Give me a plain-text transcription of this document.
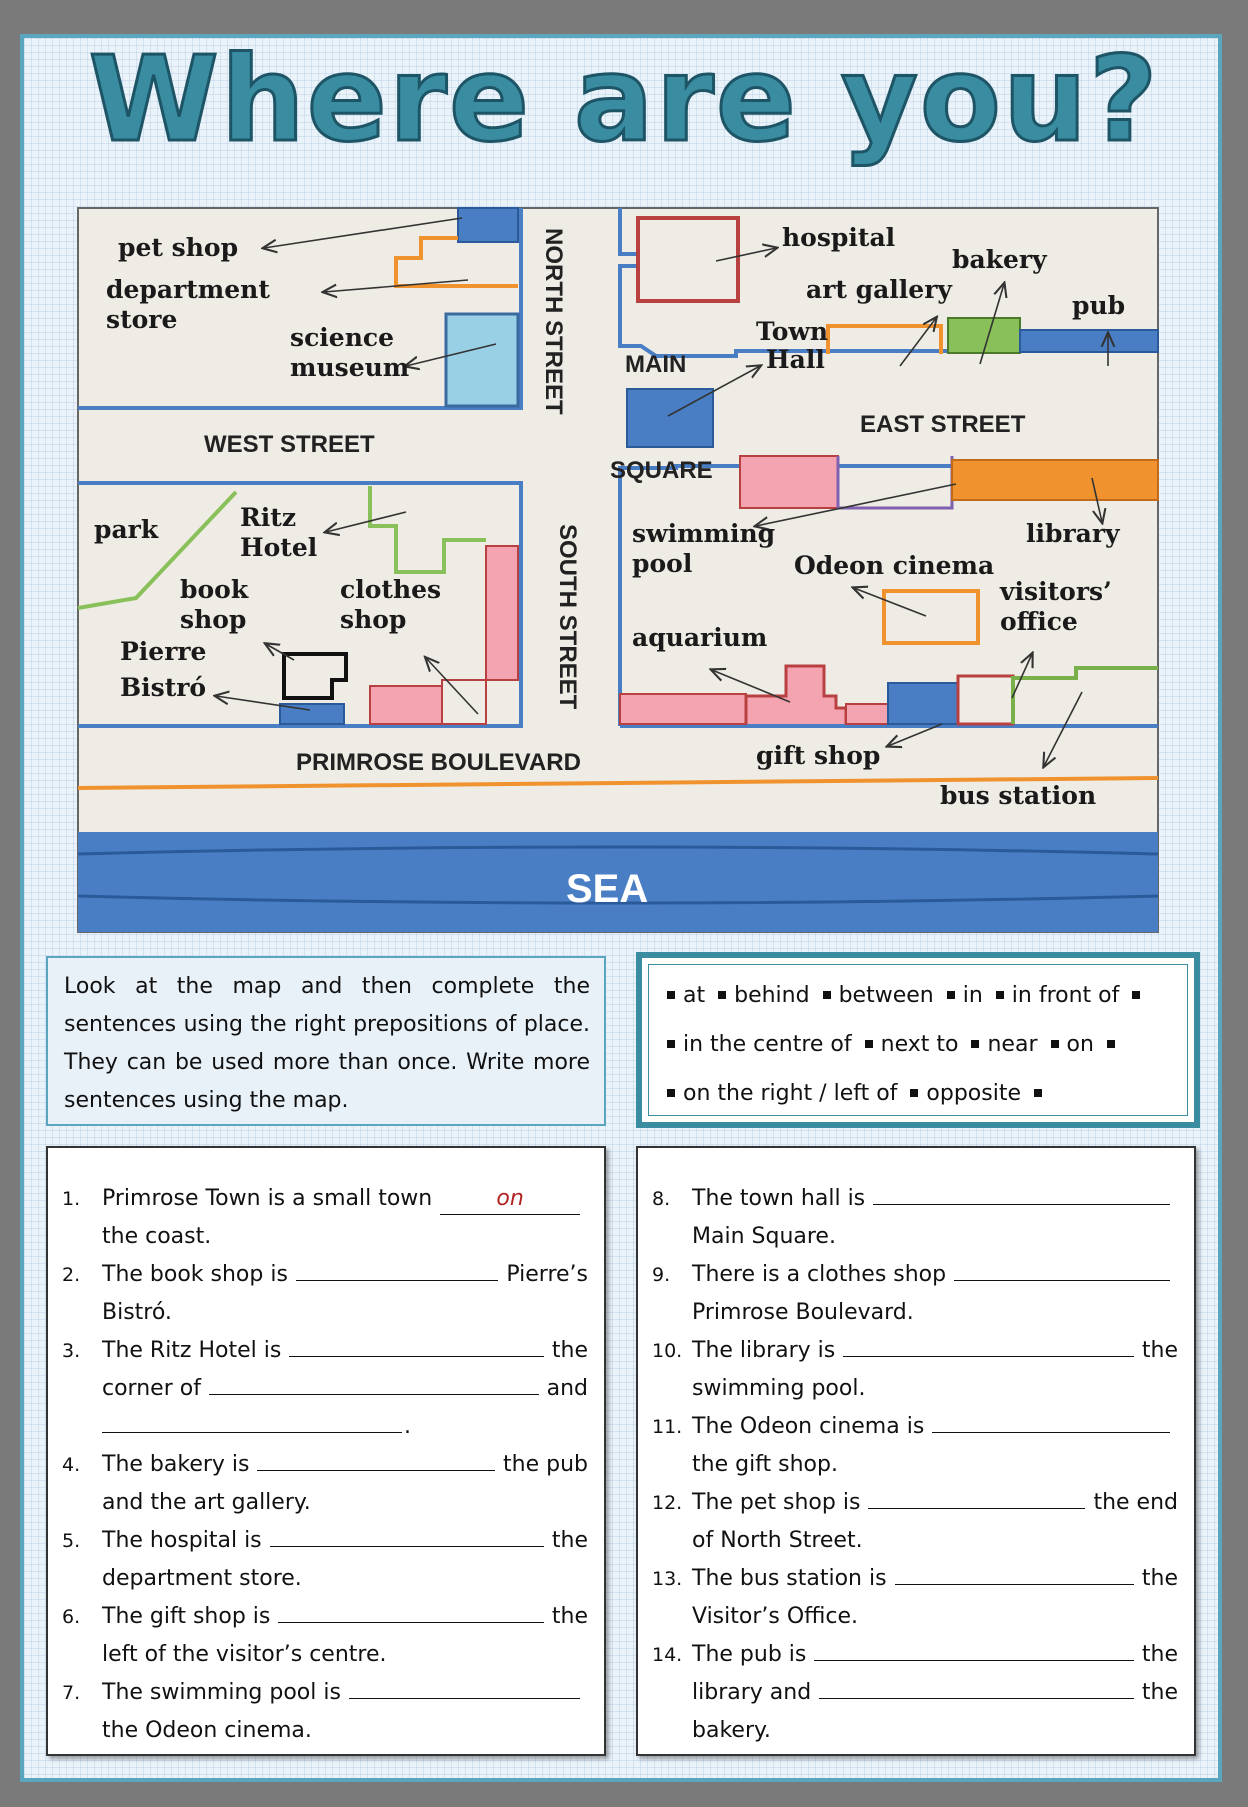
Where are you?
NORTH STREET
SOUTH STREET
WEST STREET
EAST STREET
MAIN
SQUARE
PRIMROSE BOULEVARD
SEA
pet shop
department
store
science
museum
hospital
bakery
art gallery
pub
Town
Hall
park	Ritz
Hotel
book
shop
clothes
shop
Pierre
Bistró
swimming
pool
library
Odeon cinema
visitors’
office
aquarium
gift shop
bus station
Look at the map and then complete the sentences using the right prepositions of place. They can be used more than once. Write more sentences using the map.
at behind between in in front of
in the centre of next to near on
on the right / left of opposite
1. Primrose Town is a small town	on
the coast.
2. The book shop is	Pierre’s
Bistró.
3. The Ritz Hotel is	the
corner of	and
.
4. The bakery is	the pub
and the art gallery.
5. The hospital is	the
department store.
6. The gift shop is	the
left of the visitor’s centre.
7. The swimming pool is
the Odeon cinema.
8. The town hall is
Main Square.
9. There is a clothes shop
Primrose Boulevard.
10. The library is	the
swimming pool.
11. The Odeon cinema is
the gift shop.
12. The pet shop is	the end
of North Street.
13. The bus station is	the
Visitor’s Office.
14. The pub is	the
library and	the
bakery.
